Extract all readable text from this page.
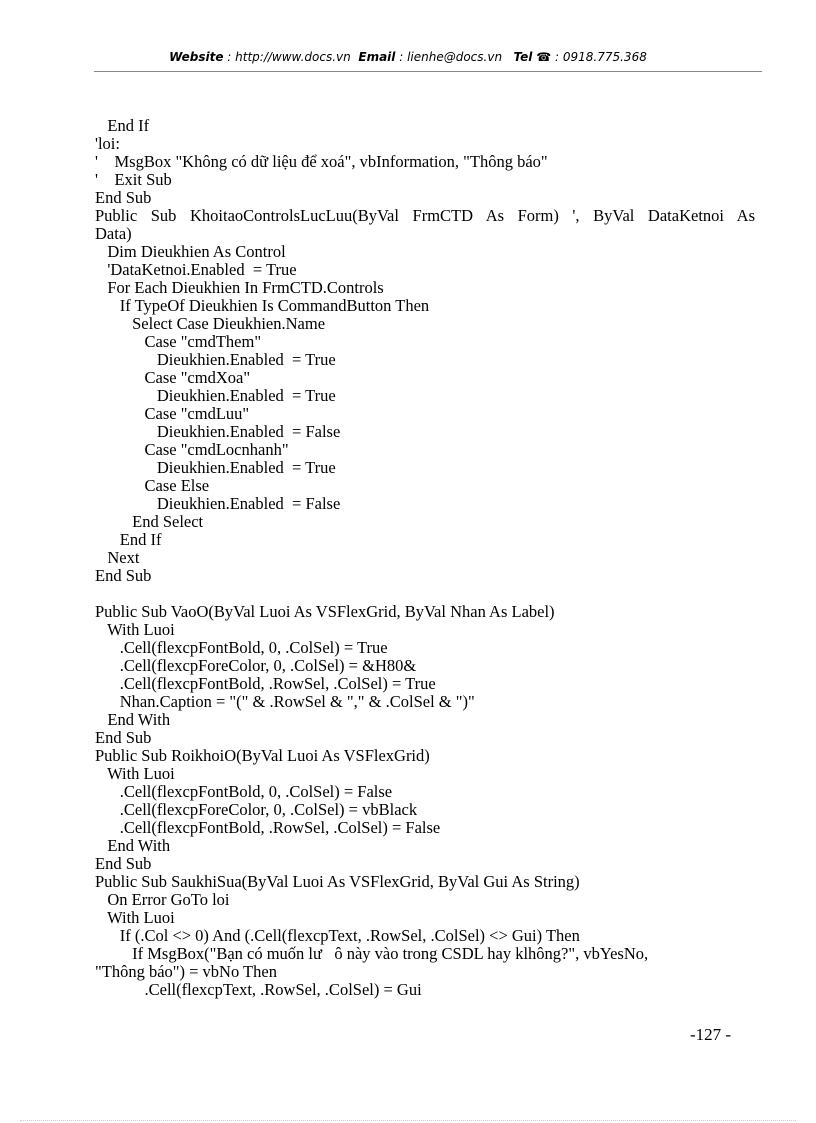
Website : http://www.docs.vn Email : lienhe@docs.vn Tel ☎ : 0918.775.368
End If
'loi:
'    MsgBox "Không có dữ liệu để xoá", vbInformation, "Thông báo"
'    Exit Sub
End Sub
Public Sub KhoitaoControlsLucLuu(ByVal FrmCTD As Form) ', ByVal DataKetnoi As
Data)
Dim Dieukhien As Control
'DataKetnoi.Enabled  = True
For Each Dieukhien In FrmCTD.Controls
If TypeOf Dieukhien Is CommandButton Then
Select Case Dieukhien.Name
Case "cmdThem"
Dieukhien.Enabled  = True
Case "cmdXoa"
Dieukhien.Enabled  = True
Case "cmdLuu"
Dieukhien.Enabled  = False
Case "cmdLocnhanh"
Dieukhien.Enabled  = True
Case Else
Dieukhien.Enabled  = False
End Select
End If
Next
End Sub
Public Sub VaoO(ByVal Luoi As VSFlexGrid, ByVal Nhan As Label)
With Luoi
.Cell(flexcpFontBold, 0, .ColSel) = True
.Cell(flexcpForeColor, 0, .ColSel) = &H80&
.Cell(flexcpFontBold, .RowSel, .ColSel) = True
Nhan.Caption = "(" & .RowSel & "," & .ColSel & ")"
End With
End Sub
Public Sub RoikhoiO(ByVal Luoi As VSFlexGrid)
With Luoi
.Cell(flexcpFontBold, 0, .ColSel) = False
.Cell(flexcpForeColor, 0, .ColSel) = vbBlack
.Cell(flexcpFontBold, .RowSel, .ColSel) = False
End With
End Sub
Public Sub SaukhiSua(ByVal Luoi As VSFlexGrid, ByVal Gui As String)
On Error GoTo loi
With Luoi
If (.Col <> 0) And (.Cell(flexcpText, .RowSel, .ColSel) <> Gui) Then
If MsgBox("Bạn có muốn lư   ô này vào trong CSDL hay klhông?", vbYesNo,
"Thông báo") = vbNo Then
.Cell(flexcpText, .RowSel, .ColSel) = Gui
-127 -
